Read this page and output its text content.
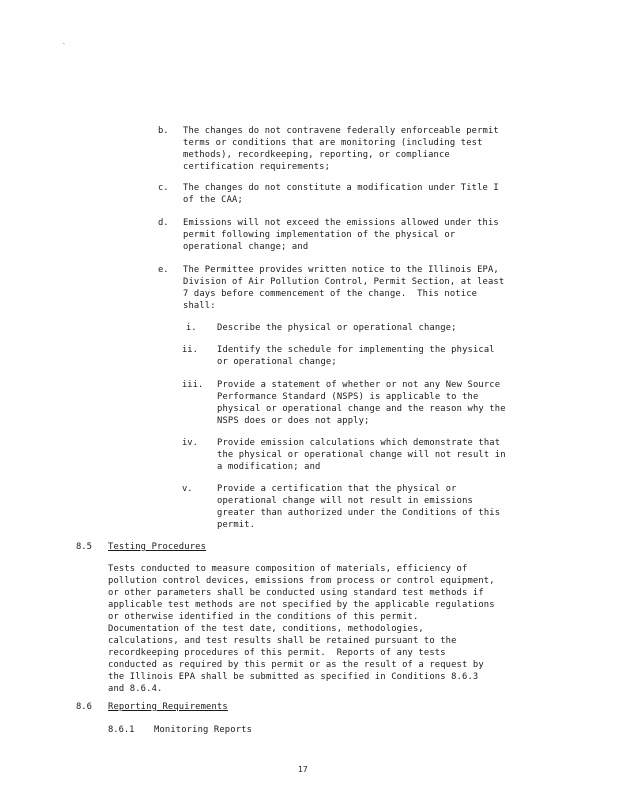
-
b. The changes do not contravene federally enforceable permit
terms or conditions that are monitoring (including test
methods), recordkeeping, reporting, or compliance
certification requirements;
c. The changes do not constitute a modification under Title I
of the CAA;
d. Emissions will not exceed the emissions allowed under this
permit following implementation of the physical or
operational change; and
e. The Permittee provides written notice to the Illinois EPA,
Division of Air Pollution Control, Permit Section, at least
7 days before commencement of the change.  This notice
shall:
i. Describe the physical or operational change;
ii. Identify the schedule for implementing the physical
or operational change;
iii. Provide a statement of whether or not any New Source
Performance Standard (NSPS) is applicable to the
physical or operational change and the reason why the
NSPS does or does not apply;
iv. Provide emission calculations which demonstrate that
the physical or operational change will not result in
a modification; and
v.	Provide a certification that the physical or
operational change will not result in emissions
greater than authorized under the Conditions of this
permit.
8.5 Testing Procedures
Tests conducted to measure composition of materials, efficiency of
pollution control devices, emissions from process or control equipment,
or other parameters shall be conducted using standard test methods if
applicable test methods are not specified by the applicable regulations
or otherwise identified in the conditions of this permit.
Documentation of the test date, conditions, methodologies,
calculations, and test results shall be retained pursuant to the
recordkeeping procedures of this permit.  Reports of any tests
conducted as required by this permit or as the result of a request by
the Illinois EPA shall be submitted as specified in Conditions 8.6.3
and 8.6.4.
8.6 Reporting Requirements
8.6.1 Monitoring Reports
17
